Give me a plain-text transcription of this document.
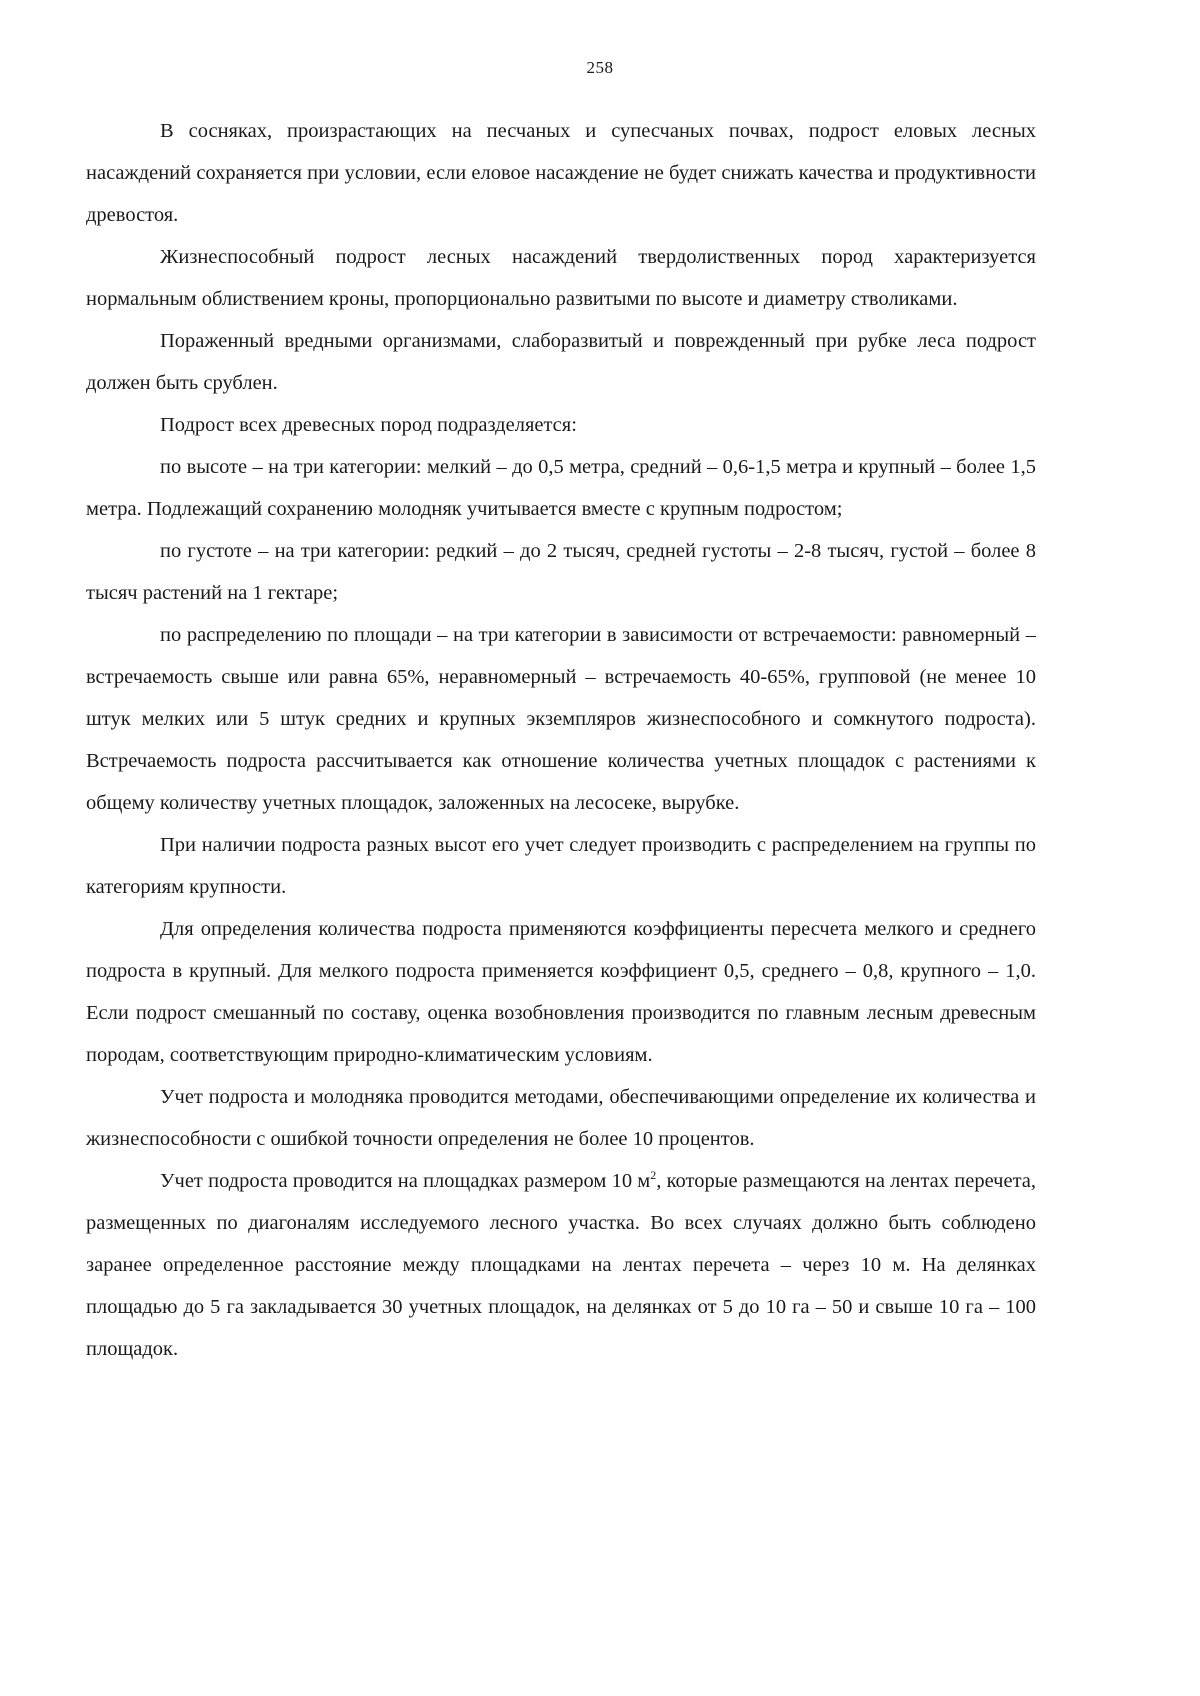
258

В сосняках, произрастающих на песчаных и супесчаных почвах, подрост еловых лесных насаждений сохраняется при условии, если еловое насаждение не будет снижать качества и продуктивности древостоя.

Жизнеспособный подрост лесных насаждений твердолиственных пород характеризуется нормальным облиствением кроны, пропорционально развитыми по высоте и диаметру стволиками.

Пораженный вредными организмами, слаборазвитый и поврежденный при рубке леса подрост должен быть срублен.

Подрост всех древесных пород подразделяется:

по высоте – на три категории: мелкий – до 0,5 метра, средний – 0,6-1,5 метра и крупный – более 1,5 метра. Подлежащий сохранению молодняк учитывается вместе с крупным подростом;

по густоте – на три категории: редкий – до 2 тысяч, средней густоты – 2-8 тысяч, густой – более 8 тысяч растений на 1 гектаре;

по распределению по площади – на три категории в зависимости от встречаемости: равномерный – встречаемость свыше или равна 65%, неравномерный – встречаемость 40-65%, групповой (не менее 10 штук мелких или 5 штук средних и крупных экземпляров жизнеспособного и сомкнутого подроста). Встречаемость подроста рассчитывается как отношение количества учетных площадок с растениями к общему количеству учетных площадок, заложенных на лесосеке, вырубке.

При наличии подроста разных высот его учет следует производить с распределением на группы по категориям крупности.

Для определения количества подроста применяются коэффициенты пересчета мелкого и среднего подроста в крупный. Для мелкого подроста применяется коэффициент 0,5, среднего – 0,8, крупного – 1,0. Если подрост смешанный по составу, оценка возобновления производится по главным лесным древесным породам, соответствующим природно-климатическим условиям.

Учет подроста и молодняка проводится методами, обеспечивающими определение их количества и жизнеспособности с ошибкой точности определения не более 10 процентов.

Учет подроста проводится на площадках размером 10 $м^2$, которые размещаются на лентах перечета, размещенных по диагоналям исследуемого лесного участка. Во всех случаях должно быть соблюдено заранее определенное расстояние между площадками на лентах перечета – через 10 м. На делянках площадью до 5 га закладывается 30 учетных площадок, на делянках от 5 до 10 га – 50 и свыше 10 га – 100 площадок.
